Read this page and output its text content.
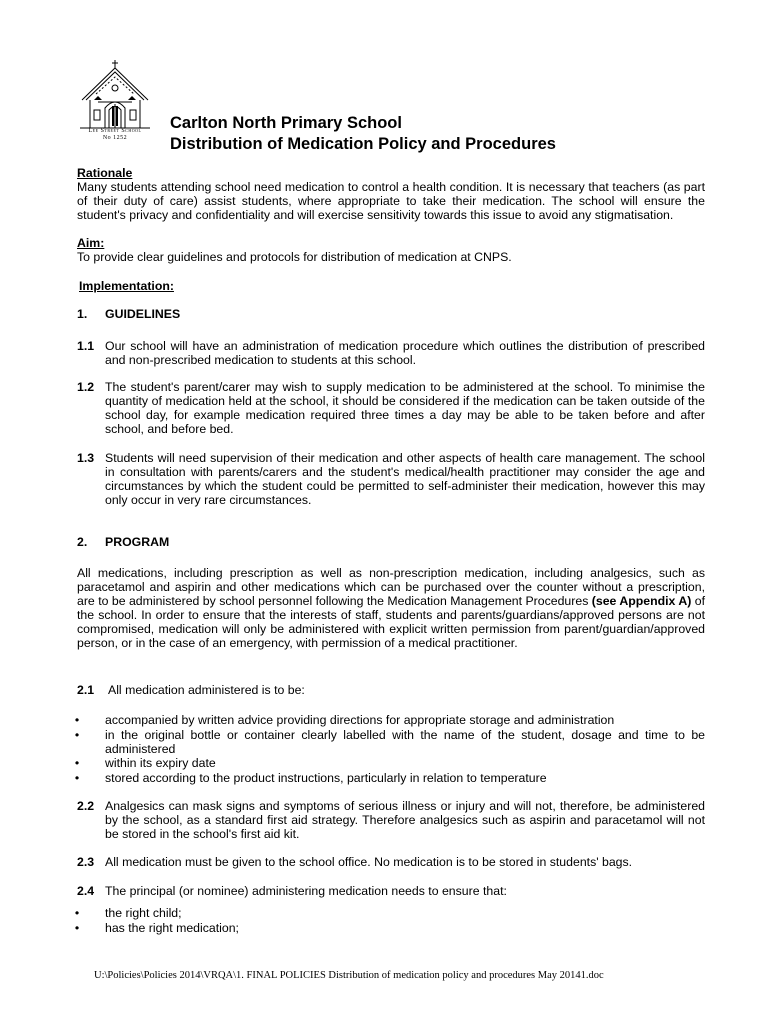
Lee Street School
No 1252
Carlton North Primary School
Distribution of Medication Policy and Procedures
Rationale
Many students attending school need medication to control a health condition. It is necessary that teachers (as part of their duty of care) assist students, where appropriate to take their medication. The school will ensure the student's privacy and confidentiality and will exercise sensitivity towards this issue to avoid any stigmatisation.
Aim:
To provide clear guidelines and protocols for distribution of medication at CNPS.
Implementation:
1. GUIDELINES
1.1 Our school will have an administration of medication procedure which outlines the distribution of prescribed and non-prescribed medication to students at this school.
1.2 The student's parent/carer may wish to supply medication to be administered at the school. To minimise the quantity of medication held at the school, it should be considered if the medication can be taken outside of the school day, for example medication required three times a day may be able to be taken before and after school, and before bed.
1.3 Students will need supervision of their medication and other aspects of health care management. The school in consultation with parents/carers and the student's medical/health practitioner may consider the age and circumstances by which the student could be permitted to self-administer their medication, however this may only occur in very rare circumstances.
2. PROGRAM
All medications, including prescription as well as non-prescription medication, including analgesics, such as paracetamol and aspirin and other medications which can be purchased over the counter without a prescription, are to be administered by school personnel following the Medication Management Procedures (see Appendix A) of the school. In order to ensure that the interests of staff, students and parents/guardians/approved persons are not compromised, medication will only be administered with explicit written permission from parent/guardian/approved person, or in the case of an emergency, with permission of a medical practitioner.
2.1 All medication administered is to be:
• accompanied by written advice providing directions for appropriate storage and administration
• in the original bottle or container clearly labelled with the name of the student, dosage and time to be administered
• within its expiry date
• stored according to the product instructions, particularly in relation to temperature
2.2 Analgesics can mask signs and symptoms of serious illness or injury and will not, therefore, be administered by the school, as a standard first aid strategy. Therefore analgesics such as aspirin and paracetamol will not be stored in the school's first aid kit.
2.3 All medication must be given to the school office. No medication is to be stored in students' bags.
2.4 The principal (or nominee) administering medication needs to ensure that:
• the right child;
• has the right medication;
U:\Policies\Policies 2014\VRQA\1. FINAL POLICIES Distribution of medication policy and procedures May 20141.doc
